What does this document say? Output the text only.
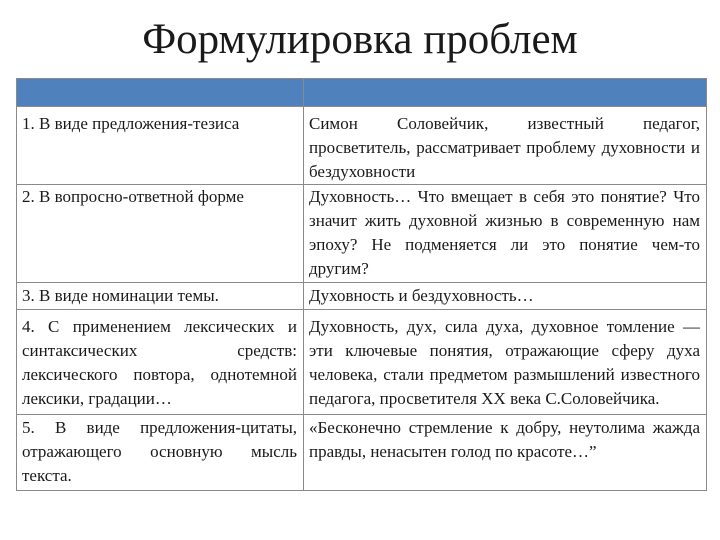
Формулировка проблем

1. В виде предложения-тезиса	Симон Соловейчик, известный педагог, просветитель, рассматривает проблему духовности и бездуховности
2. В вопросно-ответной форме	Духовность… Что вмещает в себя это понятие? Что значит жить духовной жизнью в современную нам эпоху? Не подменяется ли это понятие чем-то другим?
3. В виде номинации темы.	Духовность и бездуховность…
4. С применением лексических и синтаксических средств: лексического повтора, однотемной лексики, градации…	Духовность, дух, сила духа, духовное томление — эти ключевые понятия, отражающие сферу духа человека, стали предметом размышлений известного педагога, просветителя XX века С.Соловейчика.
5. В виде предложения-цитаты, отражающего основную мысль текста.	«Бесконечно стремление к добру, неутолима жажда правды, ненасытен голод по красоте…”
